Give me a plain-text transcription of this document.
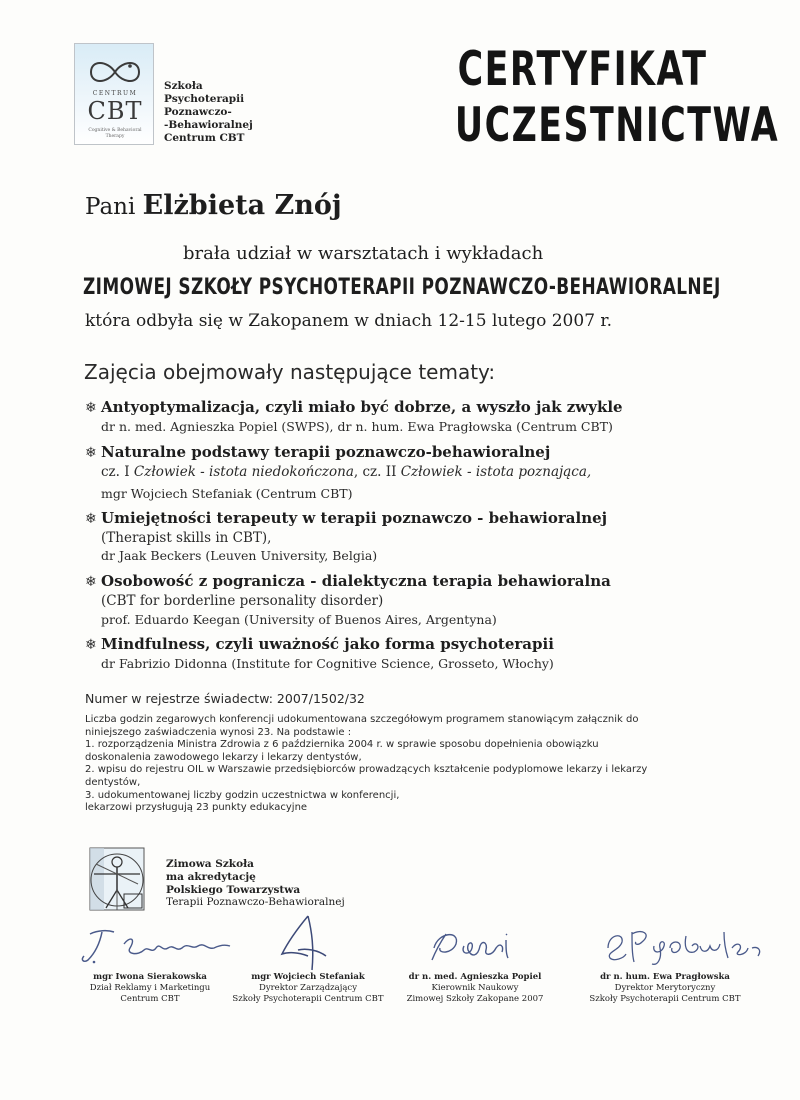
CENTRUM
CBT
Cognitive & Behavioral Therapy
Szkoła
Psychoterapii
Poznawczo-
-Behawioralnej
Centrum CBT
CERTYFIKAT
UCZESTNICTWA
Pani Elżbieta Znój
brała udział w warsztatach i wykładach
ZIMOWEJ SZKOŁY PSYCHOTERAPII POZNAWCZO-BEHAWIORALNEJ
która odbyła się w Zakopanem w dniach 12-15 lutego 2007 r.
Zajęcia obejmowały następujące tematy:
❄ Antyoptymalizacja, czyli miało być dobrze, a wyszło jak zwykle
dr n. med. Agnieszka Popiel (SWPS), dr n. hum. Ewa Pragłowska (Centrum CBT)
❄ Naturalne podstawy terapii poznawczo-behawioralnej
cz. I Człowiek - istota niedokończona, cz. II Człowiek - istota poznająca,
mgr Wojciech Stefaniak (Centrum CBT)
❄ Umiejętności terapeuty w terapii poznawczo - behawioralnej
(Therapist skills in CBT),
dr Jaak Beckers (Leuven University, Belgia)
❄ Osobowość z pogranicza - dialektyczna terapia behawioralna
(CBT for borderline personality disorder)
prof. Eduardo Keegan (University of Buenos Aires, Argentyna)
❄ Mindfulness, czyli uważność jako forma psychoterapii
dr Fabrizio Didonna (Institute for Cognitive Science, Grosseto, Włochy)
Numer w rejestrze świadectw: 2007/1502/32
Liczba godzin zegarowych konferencji udokumentowana szczegółowym programem stanowiącym załącznik do
niniejszego zaświadczenia wynosi 23. Na podstawie :
1. rozporządzenia Ministra Zdrowia z 6 października 2004 r. w sprawie sposobu dopełnienia obowiązku
doskonalenia zawodowego lekarzy i lekarzy dentystów,
2. wpisu do rejestru OIL w Warszawie przedsiębiorców prowadzących kształcenie podyplomowe lekarzy i lekarzy
dentystów,
3. udokumentowanej liczby godzin uczestnictwa w konferencji,
lekarzowi przysługują 23 punkty edukacyjne
Zimowa Szkoła
ma akredytację
Polskiego Towarzystwa
Terapii Poznawczo-Behawioralnej
mgr Iwona Sierakowska
Dział Reklamy i Marketingu
Centrum CBT
mgr Wojciech Stefaniak
Dyrektor Zarządzający
Szkoły Psychoterapii Centrum CBT
dr n. med. Agnieszka Popiel
Kierownik Naukowy
Zimowej Szkoły Zakopane 2007
dr n. hum. Ewa Pragłowska
Dyrektor Merytoryczny
Szkoły Psychoterapii Centrum CBT
